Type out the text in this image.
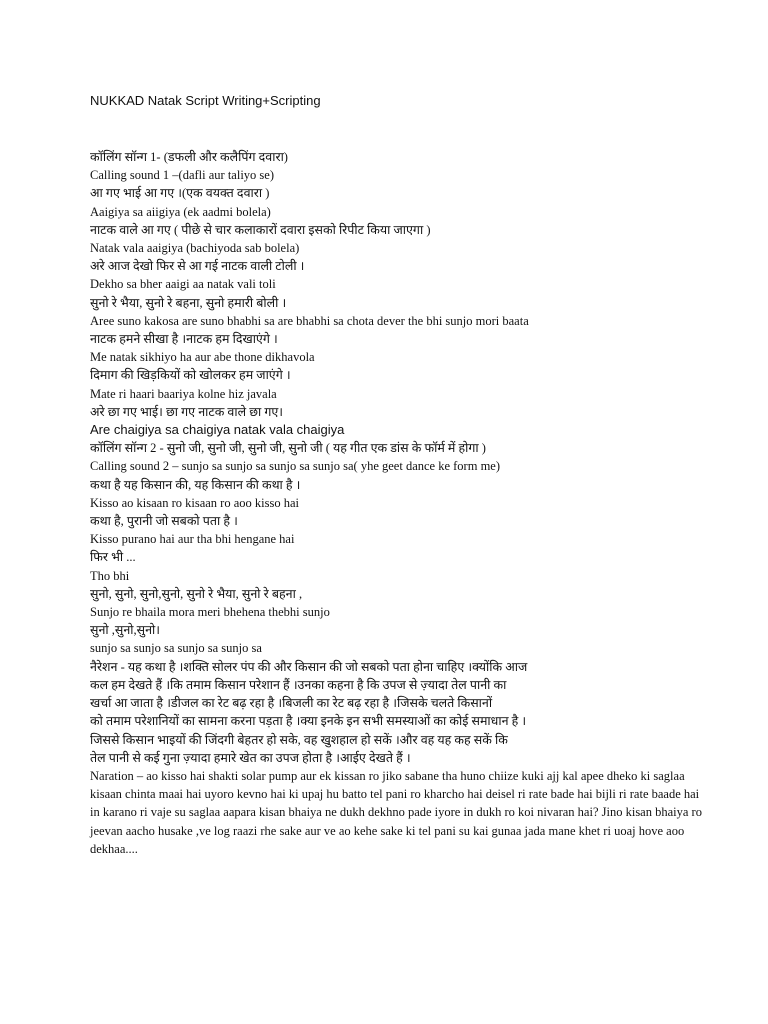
NUKKAD Natak Script Writing+Scripting
कॉलिंग सॉन्ग 1- (डफली और कलैपिंग दवारा)
Calling sound 1 –(dafli aur taliyo se)
आ गए भाई आ गए ।(एक वयक्त दवारा )
Aaigiya sa aiigiya (ek aadmi bolela)
नाटक वाले आ गए ( पीछे से चार कलाकारों दवारा इसको रिपीट किया जाएगा )
Natak vala aaigiya (bachiyoda sab bolela)
अरे आज देखो फिर से आ गई नाटक वाली टोली ।
Dekho sa bher aaigi aa natak vali toli
सुनो रे भैया, सुनो रे बहना, सुनो हमारी बोली ।
Aree suno kakosa are suno bhabhi sa are bhabhi sa chota dever the bhi sunjo mori baata
नाटक हमने सीखा है ।नाटक हम दिखाएंगे ।
Me natak sikhiyo ha aur abe thone dikhavola
दिमाग की खिड़कियों को खोलकर हम जाएंगे ।
Mate ri haari baariya kolne hiz javala
अरे छा गए भाई। छा गए नाटक वाले छा गए।
Are chaigiya sa chaigiya natak vala chaigiya
कॉलिंग सॉन्ग 2 - सुनो जी, सुनो जी, सुनो जी, सुनो जी ( यह गीत एक डांस के फॉर्म में होगा )
Calling sound 2 – sunjo sa sunjo sa sunjo sa sunjo sa( yhe geet dance ke form me)
कथा है यह किसान की, यह किसान की कथा है ।
Kisso ao kisaan ro kisaan ro aoo kisso hai
कथा है, पुरानी जो सबको पता है ।
Kisso purano hai aur tha bhi hengane hai
फिर भी ...
Tho bhi
सुनो, सुनो, सुनो,सुनो, सुनो रे भैया, सुनो रे बहना ,
Sunjo re bhaila mora meri bhehena thebhi sunjo
सुनो ,सुनो,सुनो।
sunjo sa sunjo sa sunjo sa sunjo sa
नैरेशन - यह कथा है ।शक्ति सोलर पंप की और किसान की जो सबको पता होना चाहिए ।क्योंकि आज
कल हम देखते हैं ।कि तमाम किसान परेशान हैं ।उनका कहना है कि उपज से ज़्यादा तेल पानी का
खर्चा आ जाता है ।डीजल का रेट बढ़ रहा है ।बिजली का रेट बढ़ रहा है ।जिसके चलते किसानों
को तमाम परेशानियों का सामना करना पड़ता है ।क्या इनके इन सभी समस्याओं का कोई समाधान है ।
जिससे किसान भाइयों की जिंदगी बेहतर हो सके, वह खुशहाल हो सकें ।और वह यह कह सकें कि
तेल पानी से कई गुना ज़्यादा हमारे खेत का उपज होता है ।आईए देखते हैं ।
Naration – ao kisso hai shakti solar pump aur ek kissan ro jiko sabane tha huno chiize kuki ajj kal apee dheko ki saglaa kisaan chinta maai hai uyoro kevno hai ki upaj hu batto tel pani ro kharcho hai deisel ri rate bade hai bijli ri rate baade hai in karano ri vaje su saglaa aapara kisan bhaiya ne dukh dekhno pade iyore in dukh ro koi nivaran hai? Jino kisan bhaiya ro jeevan aacho husake ,ve log raazi rhe sake aur ve ao kehe sake ki tel pani su kai gunaa jada mane khet ri uoaj hove aoo dekhaa....
